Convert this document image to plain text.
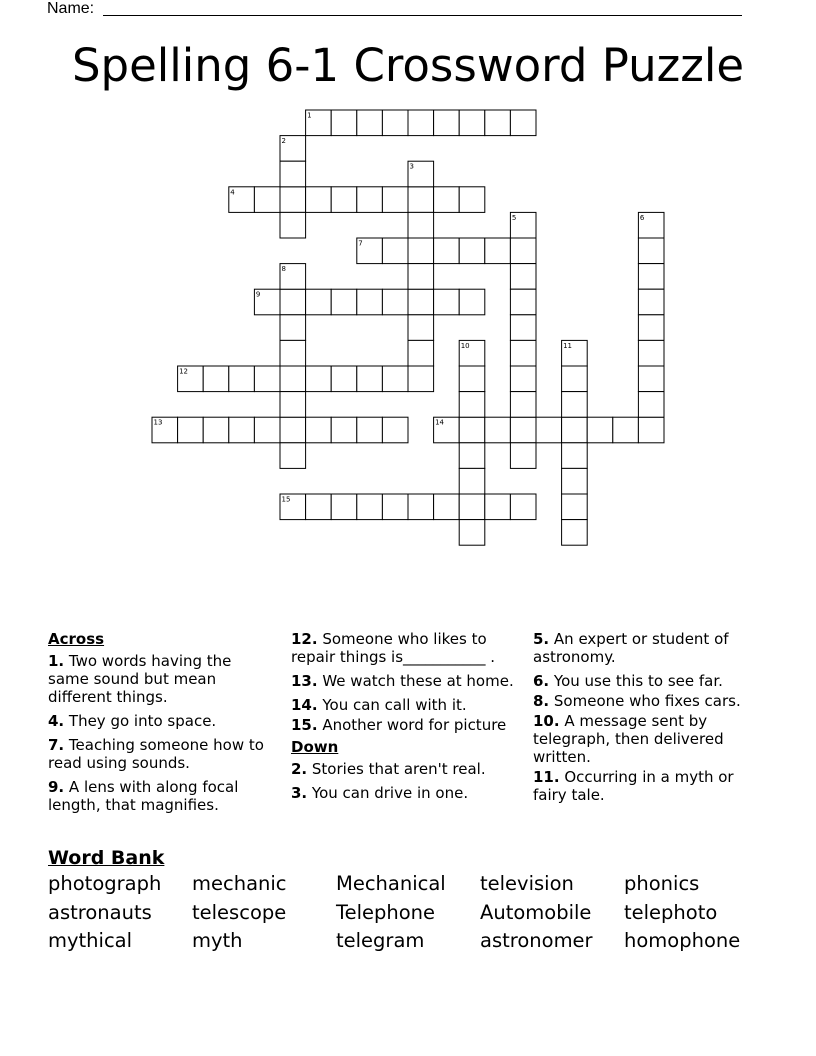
Name:
Spelling 6-1 Crossword Puzzle
1
4
7
9
12
13	14
15
2
3
5	6
8
10	11
Across
1. Two words having the same sound but mean different things.
4. They go into space.
7. Teaching someone how to read using sounds.
9. A lens with along focal length, that magnifies.
12. Someone who likes to repair things is___________ .
13. We watch these at home.
14. You can call with it.
15. Another word for picture
Down
2. Stories that aren't real.
3. You can drive in one.
5. An expert or student of astronomy.
6. You use this to see far.
8. Someone who fixes cars.
10. A message sent by telegraph, then delivered written.
11. Occurring in a myth or fairy tale.
Word Bank
photograph mechanic	Mechanical television	phonics
astronauts telescope	Telephone Automobile telephoto
mythical	myth	telegram	astronomer homophone
